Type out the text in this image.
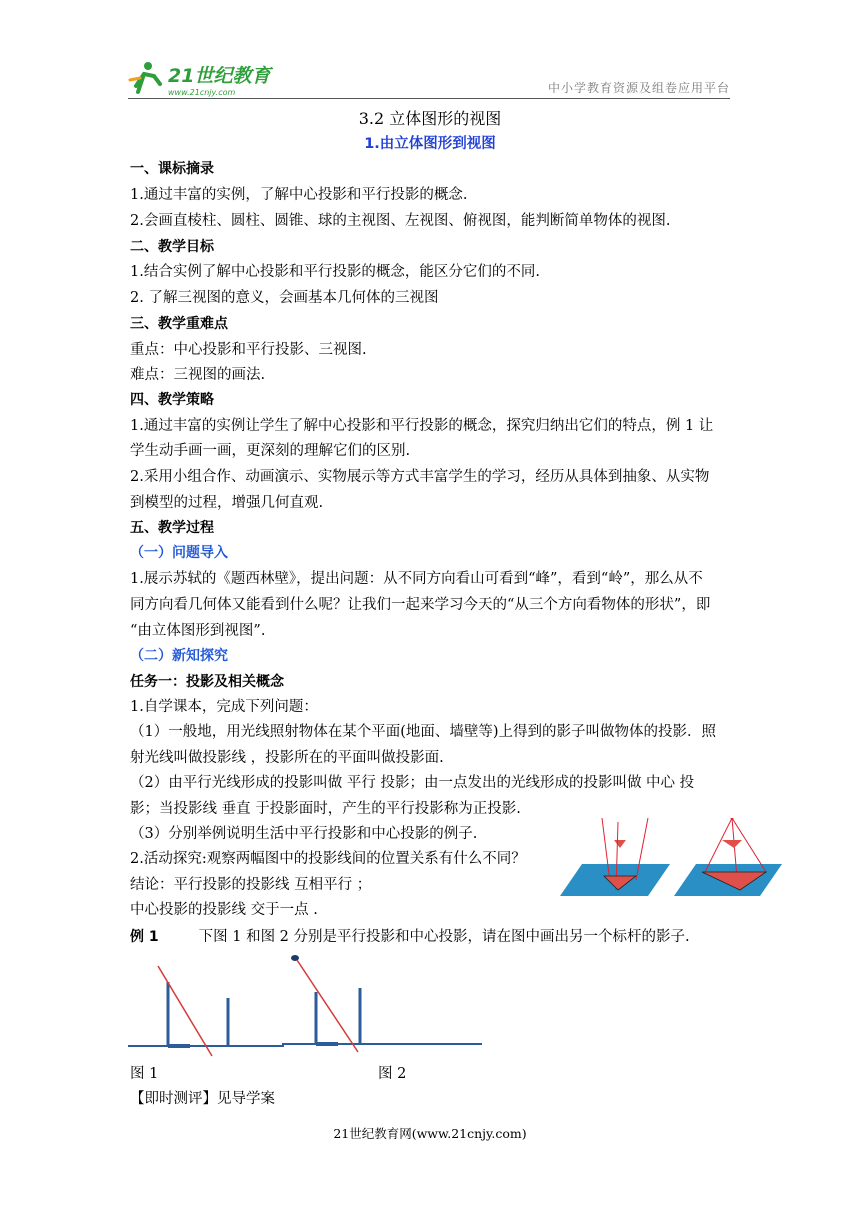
21世纪教育
www.21cnjy.com	中小学教育资源及组卷应用平台
3.2 立体图形的视图
1.由立体图形到视图
一、课标摘录
1.通过丰富的实例，了解中心投影和平行投影的概念.
2.会画直棱柱、圆柱、圆锥、球的主视图、左视图、俯视图，能判断简单物体的视图.
二、教学目标
1.结合实例了解中心投影和平行投影的概念，能区分它们的不同.
2. 了解三视图的意义，会画基本几何体的三视图
三、教学重难点
重点：中心投影和平行投影、三视图.
难点：三视图的画法.
四、教学策略
1.通过丰富的实例让学生了解中心投影和平行投影的概念，探究归纳出它们的特点，例 1 让
学生动手画一画，更深刻的理解它们的区别.
2.采用小组合作、动画演示、实物展示等方式丰富学生的学习，经历从具体到抽象、从实物
到模型的过程，增强几何直观.
五、教学过程
（一）问题导入
1.展示苏轼的《题西林壁》，提出问题：从不同方向看山可看到“峰”，看到“岭”，那么从不
同方向看几何体又能看到什么呢？让我们一起来学习今天的“从三个方向看物体的形状”，即
“由立体图形到视图”.
（二）新知探究
任务一：投影及相关概念
1.自学课本，完成下列问题：
（1）一般地，用光线照射物体在某个平面(地面、墙壁等)上得到的影子叫做物体的投影．照
射光线叫做投影线 ，投影所在的平面叫做投影面.
（2）由平行光线形成的投影叫做 平行 投影；由一点发出的光线形成的投影叫做 中心 投
影；当投影线 垂直 于投影面时，产生的平行投影称为正投影.
（3）分别举例说明生活中平行投影和中心投影的例子.
2.活动探究:观察两幅图中的投影线间的位置关系有什么不同？
结论：平行投影的投影线 互相平行 ；
中心投影的投影线 交于一点 .
例 1	下图 1 和图 2 分别是平行投影和中心投影，请在图中画出另一个标杆的影子.
图 1	图 2
【即时测评】见导学案
21世纪教育网(www.21cnjy.com)
